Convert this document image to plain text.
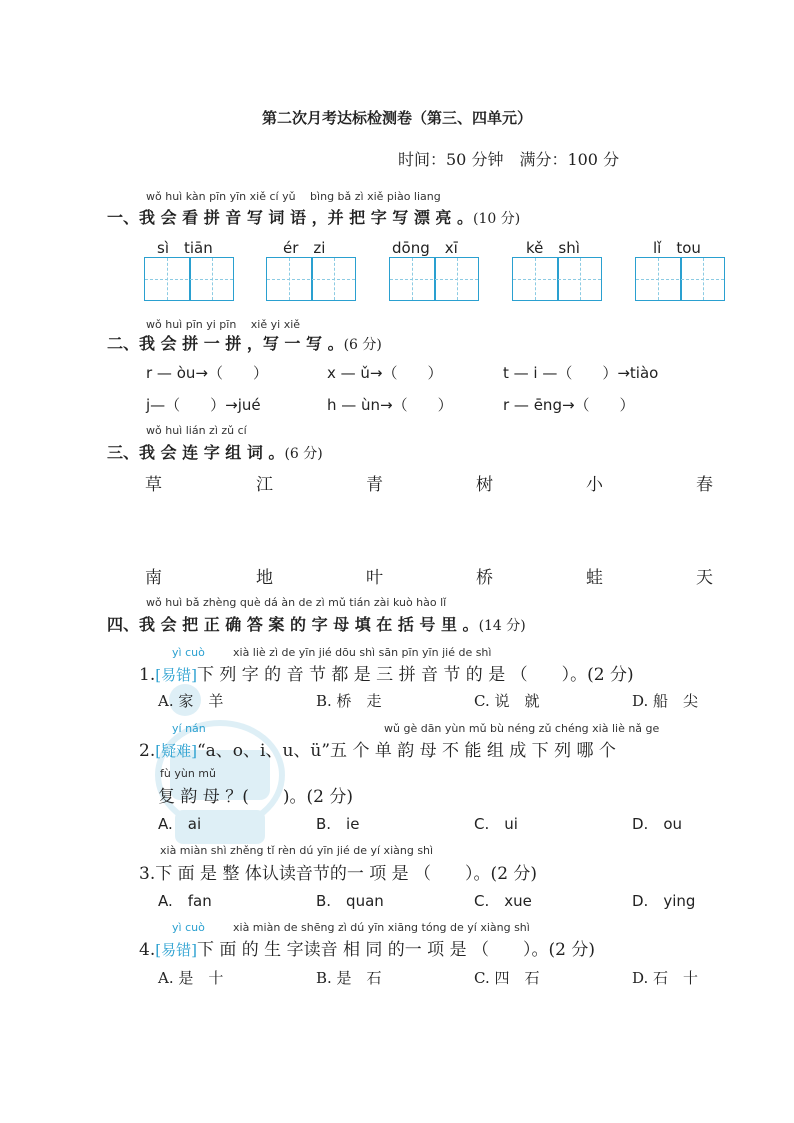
第二次月考达标检测卷（第三、四单元）
时间：50 分钟　满分：100 分
wǒ huì kàn pīn yīn xiě cí yǔ　 bìng bǎ zì xiě piào liang
一、我 会 看 拼 音 写 词 语 ，并 把 字 写 漂 亮 。(10 分)
sì　tiān	ér　zi	dōng　xī	kě　shì	lǐ　tou
wǒ huì pīn yi pīn　 xiě yi xiě
二、我 会 拼 一 拼 ，写 一 写 。(6 分)
r — òu→（　　）	x — ǔ→（　　）	t — i —（　　）→tiào
j—（　　）→jué	h — ùn→（　　）	r — ēng→（　　）
wǒ huì lián zì zǔ cí
三、我 会 连 字 组 词 。(6 分)
草	江	青	树	小	春
南	地	叶	桥	蛙	天
wǒ huì bǎ zhèng què dá àn de zì mǔ tián zài kuò hào lǐ
四、我 会 把 正 确 答 案 的 字 母 填 在 括 号 里 。(14 分)
yì cuò	xià liè zì de yīn jié dōu shì sān pīn yīn jié de shì
1.[易错]下 列 字 的 音 节 都 是 三 拼 音 节 的 是 （　　）。(2 分)
A. 家　羊	B. 桥　走	C. 说　就	D. 船　尖
yí nán	wǔ gè dān yùn mǔ bù néng zǔ chéng xià liè nǎ ge
2.[疑难]“a、o、i、u、ü”五 个 单 韵 母 不 能 组 成 下 列 哪 个
fù yùn mǔ
复 韵 母 ？(　　)。(2 分)
A.　ai	B.　ie	C.　ui	D.　ou
xià miàn shì zhěng tǐ rèn dú yīn jié de yí xiàng shì
3.下 面 是 整 体认读音节的一 项 是 （　　）。(2 分)
A.　fan	B.　quan	C.　xue	D.　ying
yì cuò	xià miàn de shēng zì dú yīn xiāng tóng de yí xiàng shì
4.[易错]下 面 的 生 字读音 相 同 的一 项 是 （　　）。(2 分)
A. 是　十	B. 是　石	C. 四　石	D. 石　十
